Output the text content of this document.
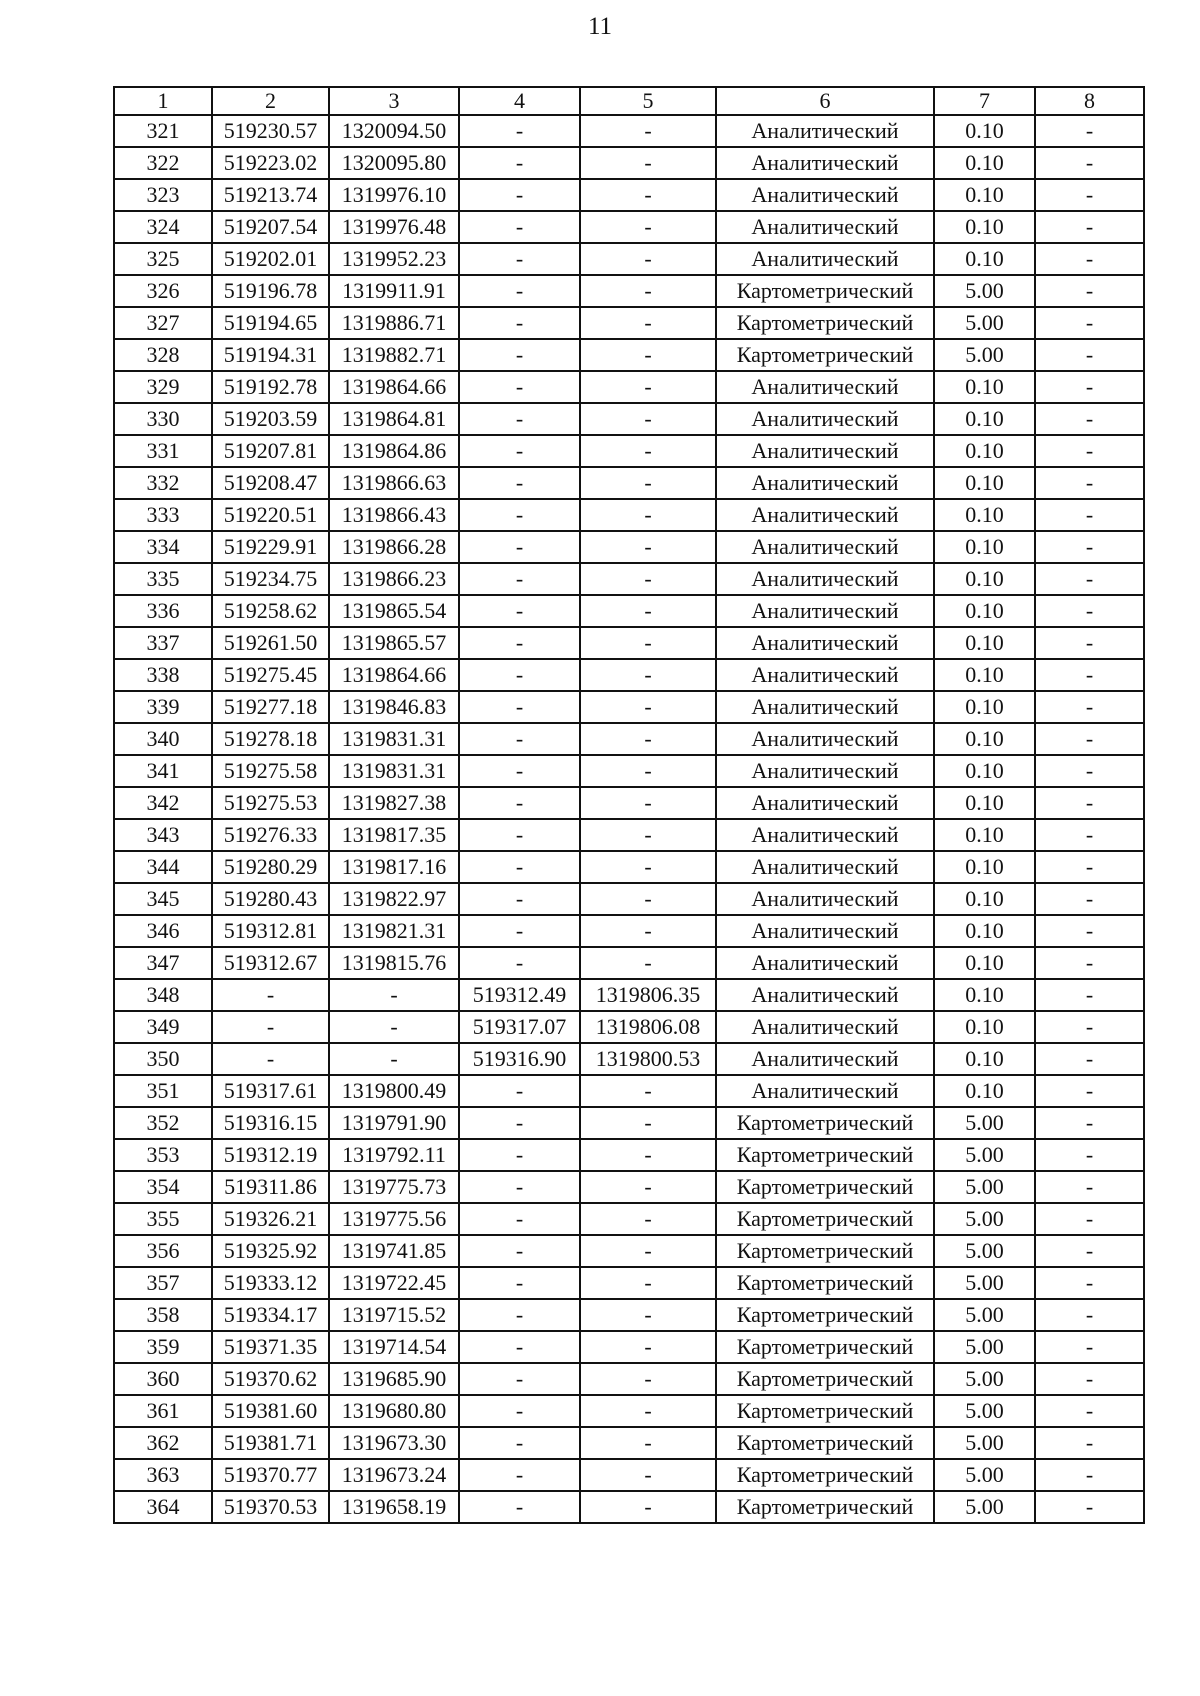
11
1	2	3	4	5	6	7	8
321	519230.57	1320094.50	-	-	Аналитический	0.10	-
322	519223.02	1320095.80	-	-	Аналитический	0.10	-
323	519213.74	1319976.10	-	-	Аналитический	0.10	-
324	519207.54	1319976.48	-	-	Аналитический	0.10	-
325	519202.01	1319952.23	-	-	Аналитический	0.10	-
326	519196.78	1319911.91	-	-	Картометрический	5.00	-
327	519194.65	1319886.71	-	-	Картометрический	5.00	-
328	519194.31	1319882.71	-	-	Картометрический	5.00	-
329	519192.78	1319864.66	-	-	Аналитический	0.10	-
330	519203.59	1319864.81	-	-	Аналитический	0.10	-
331	519207.81	1319864.86	-	-	Аналитический	0.10	-
332	519208.47	1319866.63	-	-	Аналитический	0.10	-
333	519220.51	1319866.43	-	-	Аналитический	0.10	-
334	519229.91	1319866.28	-	-	Аналитический	0.10	-
335	519234.75	1319866.23	-	-	Аналитический	0.10	-
336	519258.62	1319865.54	-	-	Аналитический	0.10	-
337	519261.50	1319865.57	-	-	Аналитический	0.10	-
338	519275.45	1319864.66	-	-	Аналитический	0.10	-
339	519277.18	1319846.83	-	-	Аналитический	0.10	-
340	519278.18	1319831.31	-	-	Аналитический	0.10	-
341	519275.58	1319831.31	-	-	Аналитический	0.10	-
342	519275.53	1319827.38	-	-	Аналитический	0.10	-
343	519276.33	1319817.35	-	-	Аналитический	0.10	-
344	519280.29	1319817.16	-	-	Аналитический	0.10	-
345	519280.43	1319822.97	-	-	Аналитический	0.10	-
346	519312.81	1319821.31	-	-	Аналитический	0.10	-
347	519312.67	1319815.76	-	-	Аналитический	0.10	-
348	-	-	519312.49	1319806.35	Аналитический	0.10	-
349	-	-	519317.07	1319806.08	Аналитический	0.10	-
350	-	-	519316.90	1319800.53	Аналитический	0.10	-
351	519317.61	1319800.49	-	-	Аналитический	0.10	-
352	519316.15	1319791.90	-	-	Картометрический	5.00	-
353	519312.19	1319792.11	-	-	Картометрический	5.00	-
354	519311.86	1319775.73	-	-	Картометрический	5.00	-
355	519326.21	1319775.56	-	-	Картометрический	5.00	-
356	519325.92	1319741.85	-	-	Картометрический	5.00	-
357	519333.12	1319722.45	-	-	Картометрический	5.00	-
358	519334.17	1319715.52	-	-	Картометрический	5.00	-
359	519371.35	1319714.54	-	-	Картометрический	5.00	-
360	519370.62	1319685.90	-	-	Картометрический	5.00	-
361	519381.60	1319680.80	-	-	Картометрический	5.00	-
362	519381.71	1319673.30	-	-	Картометрический	5.00	-
363	519370.77	1319673.24	-	-	Картометрический	5.00	-
364	519370.53	1319658.19	-	-	Картометрический	5.00	-
